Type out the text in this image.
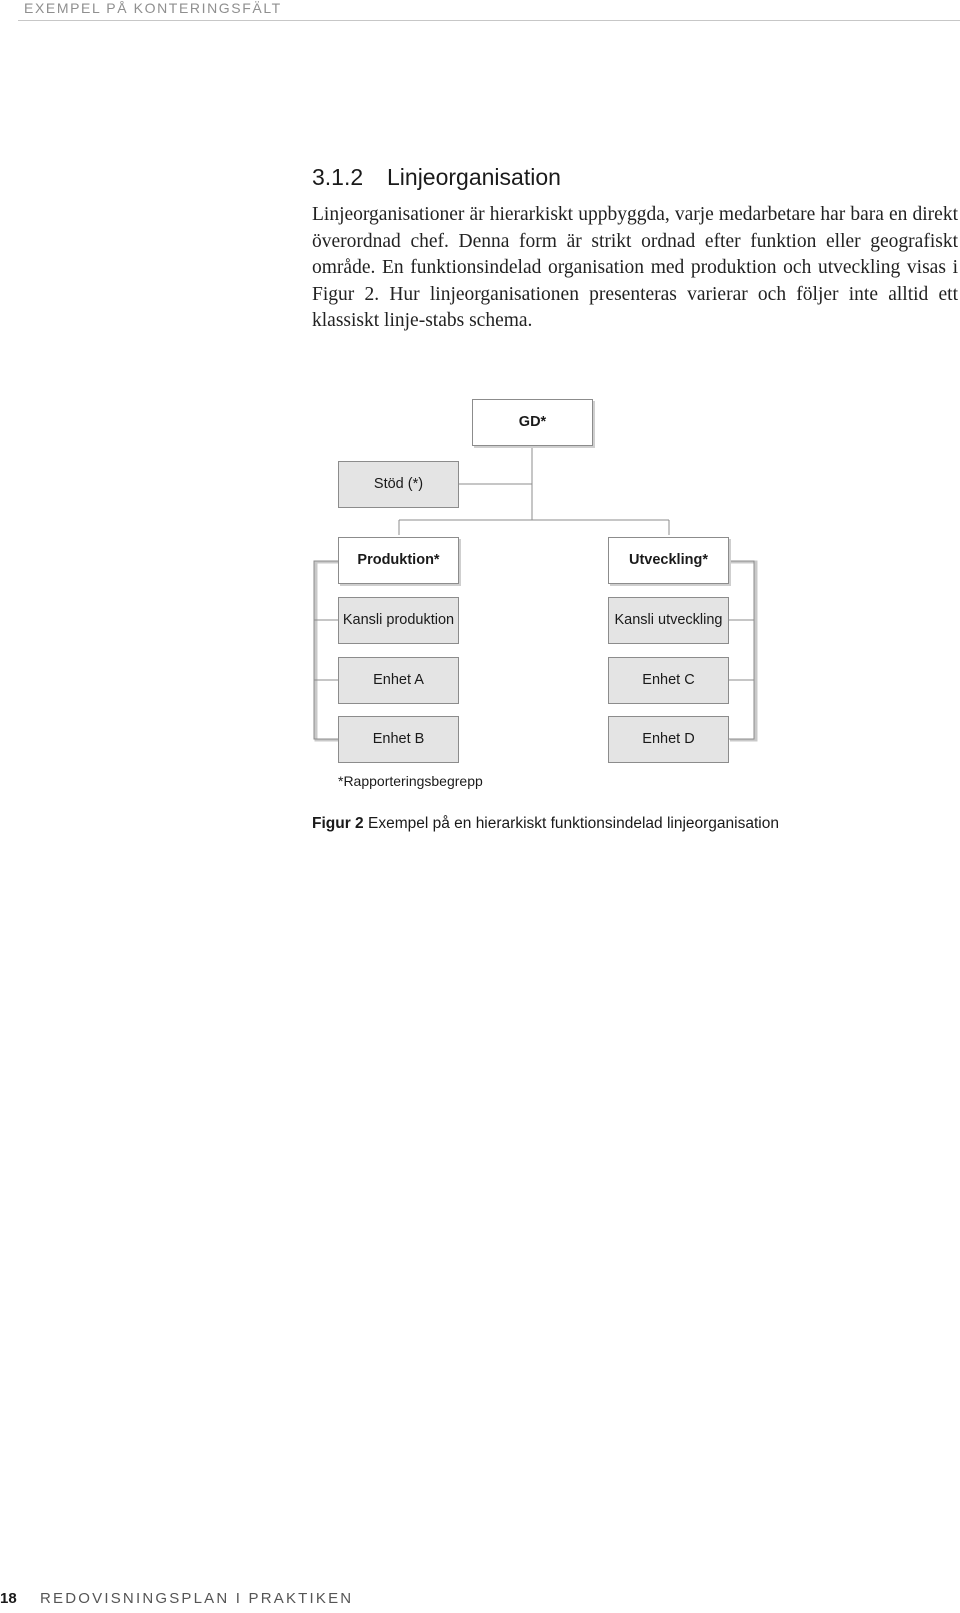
EXEMPEL PÅ KONTERINGSFÄLT
3.1.2 Linjeorganisation

Linjeorganisationer är hierarkiskt uppbyggda, varje medarbetare har bara en direkt överordnad chef. Denna form är strikt ordnad efter funktion eller geografiskt område. En funktionsindelad organisation med produktion och utveckling visas i Figur 2. Hur linjeorganisationen presenteras varierar och följer inte alltid ett klassiskt linje-stabs schema.

GD*
Stöd (*)
Produktion*
Kansli produktion
Enhet A
Enhet B
Utveckling*
Kansli utveckling
Enhet C
Enhet D
*Rapporteringsbegrepp
Figur 2 Exempel på en hierarkiskt funktionsindelad linjeorganisation
18 REDOVISNINGSPLAN I PRAKTIKEN
